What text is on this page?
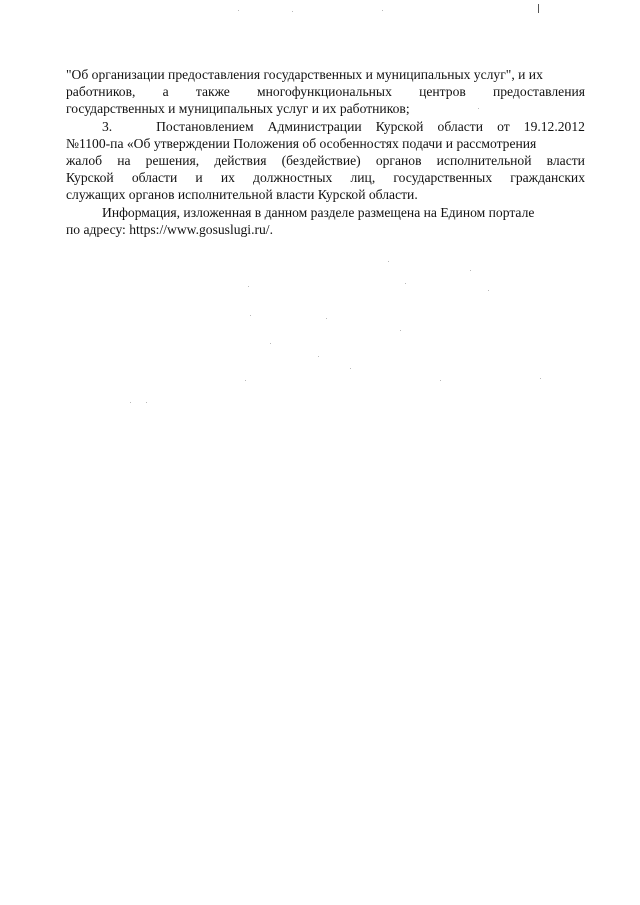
"Об организации предоставления государственных и муниципальных услуг", и их
работников, а также многофункциональных центров предоставления
государственных и муниципальных услуг и их работников;
3.	Постановлением Администрации Курской области от 19.12.2012
№1100-па «Об утверждении Положения об особенностях подачи и рассмотрения
жалоб на решения, действия (бездействие) органов исполнительной власти
Курской области и их должностных лиц, государственных гражданских
служащих органов исполнительной власти Курской области.
Информация, изложенная в данном разделе размещена на Едином портале
по адресу: https://www.gosuslugi.ru/.
